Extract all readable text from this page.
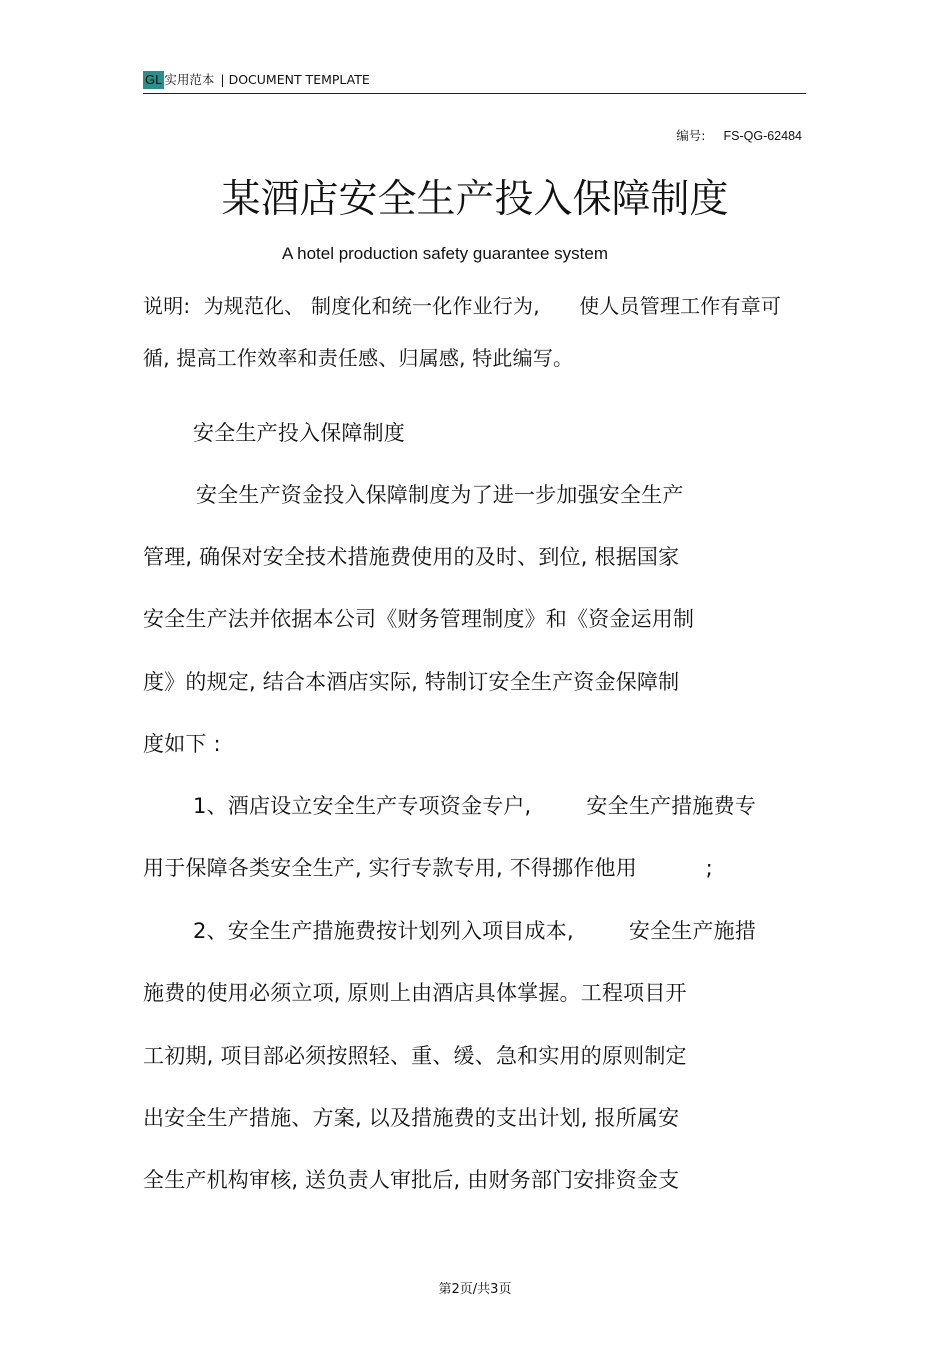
GL 实用范本 | DOCUMENT TEMPLATE
编号: FS-QG-62484
某酒店安全生产投入保障制度
A hotel production safety guarantee system
说明:  为规范化、 制度化和统一化作业行为,      使人员管理工作有章可
循, 提高工作效率和责任感、归属感, 特此编写。
安全生产投入保障制度
安全生产资金投入保障制度为了进一步加强安全生产
管理, 确保对安全技术措施费使用的及时、到位, 根据国家
安全生产法并依据本公司《财务管理制度》和《资金运用制
度》的规定, 结合本酒店实际, 特制订安全生产资金保障制
度如下 :
1、酒店设立安全生产专项资金专户,        安全生产措施费专
用于保障各类安全生产, 实行专款专用, 不得挪作他用          ;
2、安全生产措施费按计划列入项目成本,        安全生产施措
施费的使用必须立项, 原则上由酒店具体掌握。工程项目开
工初期, 项目部必须按照轻、重、缓、急和实用的原则制定
出安全生产措施、方案, 以及措施费的支出计划, 报所属安
全生产机构审核, 送负责人审批后, 由财务部门安排资金支
第2页/共3页
